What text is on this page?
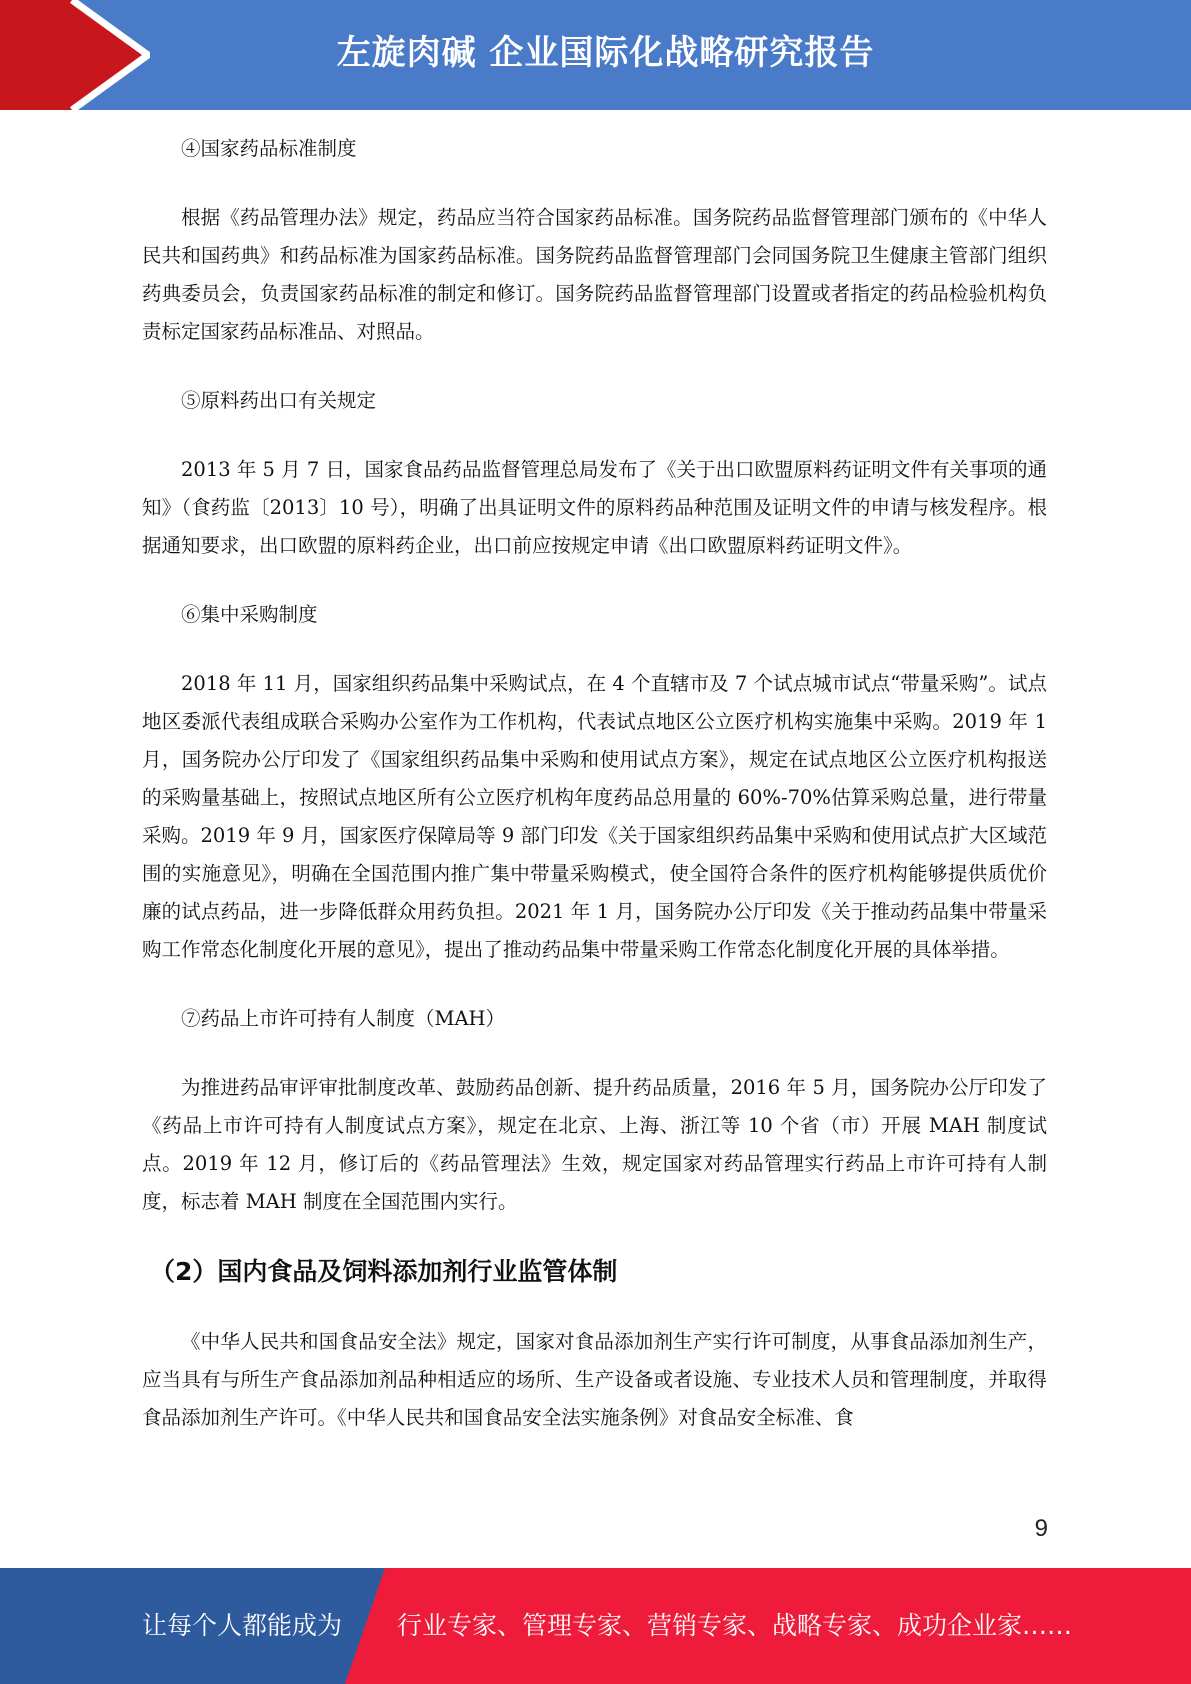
左旋肉碱 企业国际化战略研究报告

④国家药品标准制度

根据《药品管理办法》规定，药品应当符合国家药品标准。国务院药品监督管理部门颁布的《中华人民共和国药典》和药品标准为国家药品标准。国务院药品监督管理部门会同国务院卫生健康主管部门组织药典委员会，负责国家药品标准的制定和修订。国务院药品监督管理部门设置或者指定的药品检验机构负责标定国家药品标准品、对照品。

⑤原料药出口有关规定

2013 年 5 月 7 日，国家食品药品监督管理总局发布了《关于出口欧盟原料药证明文件有关事项的通知》（食药监〔2013〕10 号），明确了出具证明文件的原料药品种范围及证明文件的申请与核发程序。根据通知要求，出口欧盟的原料药企业，出口前应按规定申请《出口欧盟原料药证明文件》。

⑥集中采购制度

2018 年 11 月，国家组织药品集中采购试点，在 4 个直辖市及 7 个试点城市试点“带量采购”。试点地区委派代表组成联合采购办公室作为工作机构，代表试点地区公立医疗机构实施集中采购。2019 年 1 月，国务院办公厅印发了《国家组织药品集中采购和使用试点方案》，规定在试点地区公立医疗机构报送的采购量基础上，按照试点地区所有公立医疗机构年度药品总用量的 60%-70%估算采购总量，进行带量采购。2019 年 9 月，国家医疗保障局等 9 部门印发《关于国家组织药品集中采购和使用试点扩大区域范围的实施意见》，明确在全国范围内推广集中带量采购模式，使全国符合条件的医疗机构能够提供质优价廉的试点药品，进一步降低群众用药负担。2021 年 1 月，国务院办公厅印发《关于推动药品集中带量采购工作常态化制度化开展的意见》，提出了推动药品集中带量采购工作常态化制度化开展的具体举措。

⑦药品上市许可持有人制度（MAH）

为推进药品审评审批制度改革、鼓励药品创新、提升药品质量，2016 年 5 月，国务院办公厅印发了《药品上市许可持有人制度试点方案》，规定在北京、上海、浙江等 10 个省（市）开展 MAH 制度试点。2019 年 12 月，修订后的《药品管理法》生效，规定国家对药品管理实行药品上市许可持有人制度，标志着 MAH 制度在全国范围内实行。

（2）国内食品及饲料添加剂行业监管体制

《中华人民共和国食品安全法》规定，国家对食品添加剂生产实行许可制度，从事食品添加剂生产，应当具有与所生产食品添加剂品种相适应的场所、生产设备或者设施、专业技术人员和管理制度，并取得食品添加剂生产许可。《中华人民共和国食品安全法实施条例》对食品安全标准、食

9
让每个人都能成为 行业专家、管理专家、营销专家、战略专家、成功企业家……
